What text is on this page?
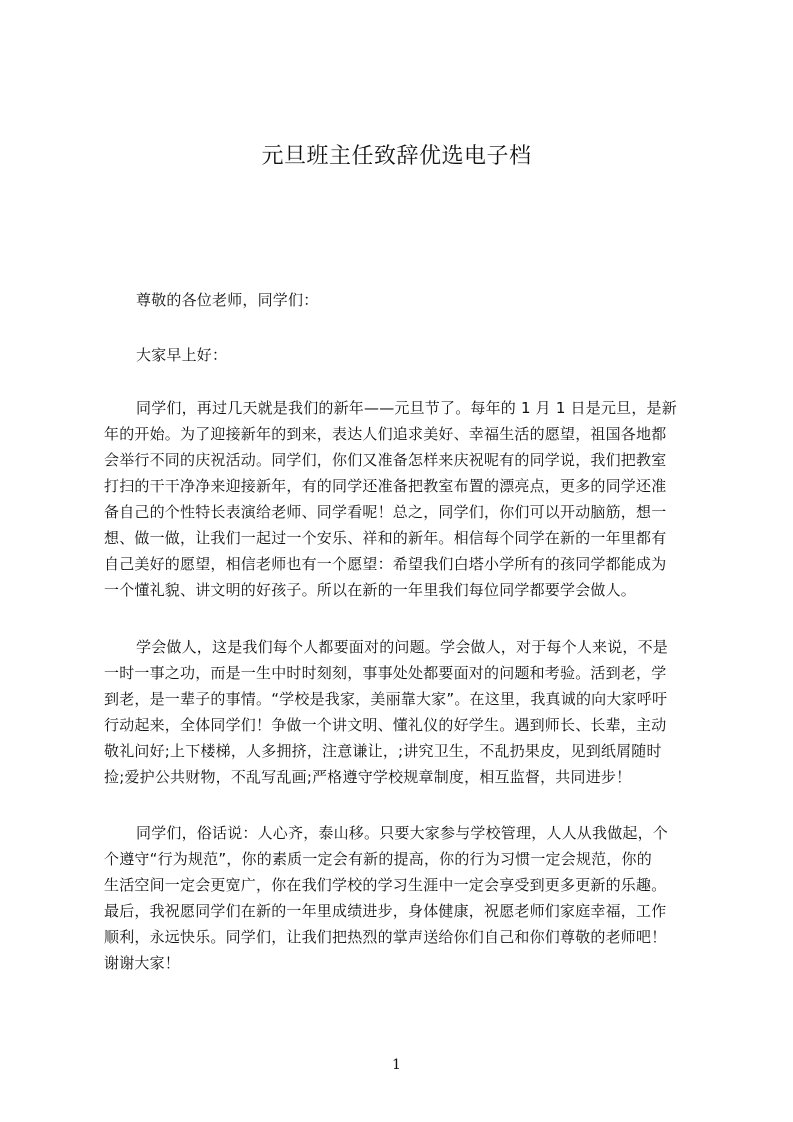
元旦班主任致辞优选电子档
尊敬的各位老师，同学们：
大家早上好：
同学们，再过几天就是我们的新年——元旦节了。每年的 1 月 1 日是元旦，是新
年的开始。为了迎接新年的到来，表达人们追求美好、幸福生活的愿望，祖国各地都
会举行不同的庆祝活动。同学们，你们又准备怎样来庆祝呢有的同学说，我们把教室
打扫的干干净净来迎接新年，有的同学还准备把教室布置的漂亮点，更多的同学还准
备自己的个性特长表演给老师、同学看呢！总之，同学们，你们可以开动脑筋，想一
想、做一做，让我们一起过一个安乐、祥和的新年。相信每个同学在新的一年里都有
自己美好的愿望，相信老师也有一个愿望：希望我们白塔小学所有的孩同学都能成为
一个懂礼貌、讲文明的好孩子。所以在新的一年里我们每位同学都要学会做人。
学会做人，这是我们每个人都要面对的问题。学会做人，对于每个人来说，不是
一时一事之功，而是一生中时时刻刻，事事处处都要面对的问题和考验。活到老，学
到老，是一辈子的事情。“学校是我家，美丽靠大家”。在这里，我真诚的向大家呼吁
行动起来，全体同学们！争做一个讲文明、懂礼仪的好学生。遇到师长、长辈，主动
敬礼问好;上下楼梯，人多拥挤，注意谦让，;讲究卫生，不乱扔果皮，见到纸屑随时
捡;爱护公共财物，不乱写乱画;严格遵守学校规章制度，相互监督，共同进步！
同学们，俗话说：人心齐，泰山移。只要大家参与学校管理，人人从我做起，个
个遵守“行为规范”，你的素质一定会有新的提高，你的行为习惯一定会规范，你的
生活空间一定会更宽广，你在我们学校的学习生涯中一定会享受到更多更新的乐趣。
最后，我祝愿同学们在新的一年里成绩进步，身体健康，祝愿老师们家庭幸福，工作
顺利，永远快乐。同学们，让我们把热烈的掌声送给你们自己和你们尊敬的老师吧！
谢谢大家！
1
